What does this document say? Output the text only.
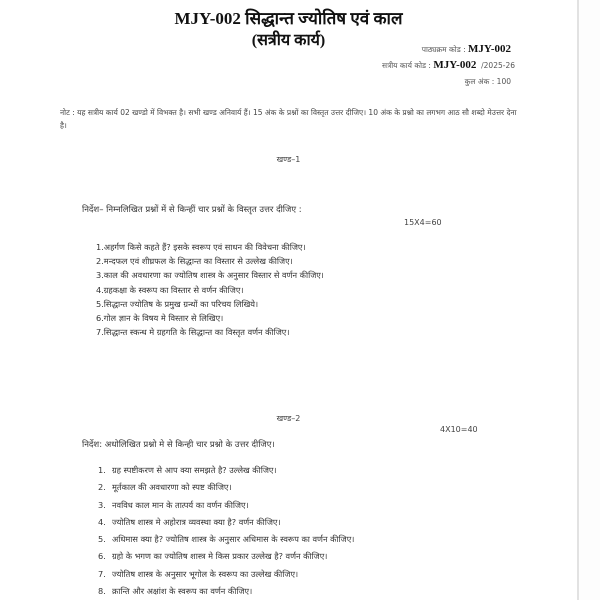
MJY-002 सिद्धान्त ज्योतिष एवं काल
(सत्रीय कार्य)
पाठ्यक्रम कोड : MJY-002
सत्रीय कार्य कोड : MJY-002 /2025-26
कुल अंक : 100
नोट : यह सत्रीय कार्य 02 खण्डो में विभक्त है। सभी खण्ड अनिवार्य हैं। 15 अंक के प्रश्नों का विस्तृत उत्तर दीजिए। 10 अंक के प्रश्नो का लगभग आठ सौ शब्दो मेउत्तर देना है।
खण्ड–1
निर्देश– निम्नलिखित प्रश्नों में से किन्हीं चार प्रश्नों के विस्तृत उत्तर दीजिए :
15X4=60
1.अहर्गण किसे कहते हैं? इसके स्वरूप एवं साधन की विवेचना कीजिए।
2.मन्दफल एवं शीघ्रफल के सिद्धान्त का विस्तार से उल्लेख कीजिए।
3.काल की अवधारणा का ज्योतिष शास्त्र के अनुसार विस्तार से वर्णन कीजिए।
4.ग्रहकक्षा के स्वरूप का विस्तार से वर्णन कीजिए।
5.सिद्धान्त ज्योतिष के प्रमुख ग्रन्थों का परिचय लिखिये।
6.गोल ज्ञान के विषय मे विस्तार से लिखिए।
7.सिद्धान्त स्कन्ध मे ग्रहगति के सिद्धान्त का विस्तृत वर्णन कीजिए।
खण्ड–2
4X10=40
निर्देश: अधोलिखित प्रश्नो मे से किन्ही चार प्रश्नो के उत्तर दीजिए।
1. ग्रह स्पष्टीकरण से आप क्या समझते है? उल्लेख कीजिए।
2. मूर्तकाल की अवधारणा को स्पष्ट कीजिए।
3. नवविध काल मान के तात्पर्य का वर्णन कीजिए।
4. ज्योतिष शास्त्र मे अहोरात्र व्यवस्था क्या है? वर्णन कीजिए।
5. अधिमास क्या है? ज्योतिष शास्त्र के अनुसार अधिमास के स्वरूप का वर्णन कीजिए।
6. ग्रहो के भगण का ज्योतिष शास्त्र मे किस प्रकार उल्लेख है? वर्णन कीजिए।
7. ज्योतिष शास्त्र के अनुसार भूगोल के स्वरूप का उल्लेख कीजिए।
8. क्रान्ति और अक्षांश के स्वरूप का वर्णन कीजिए।
